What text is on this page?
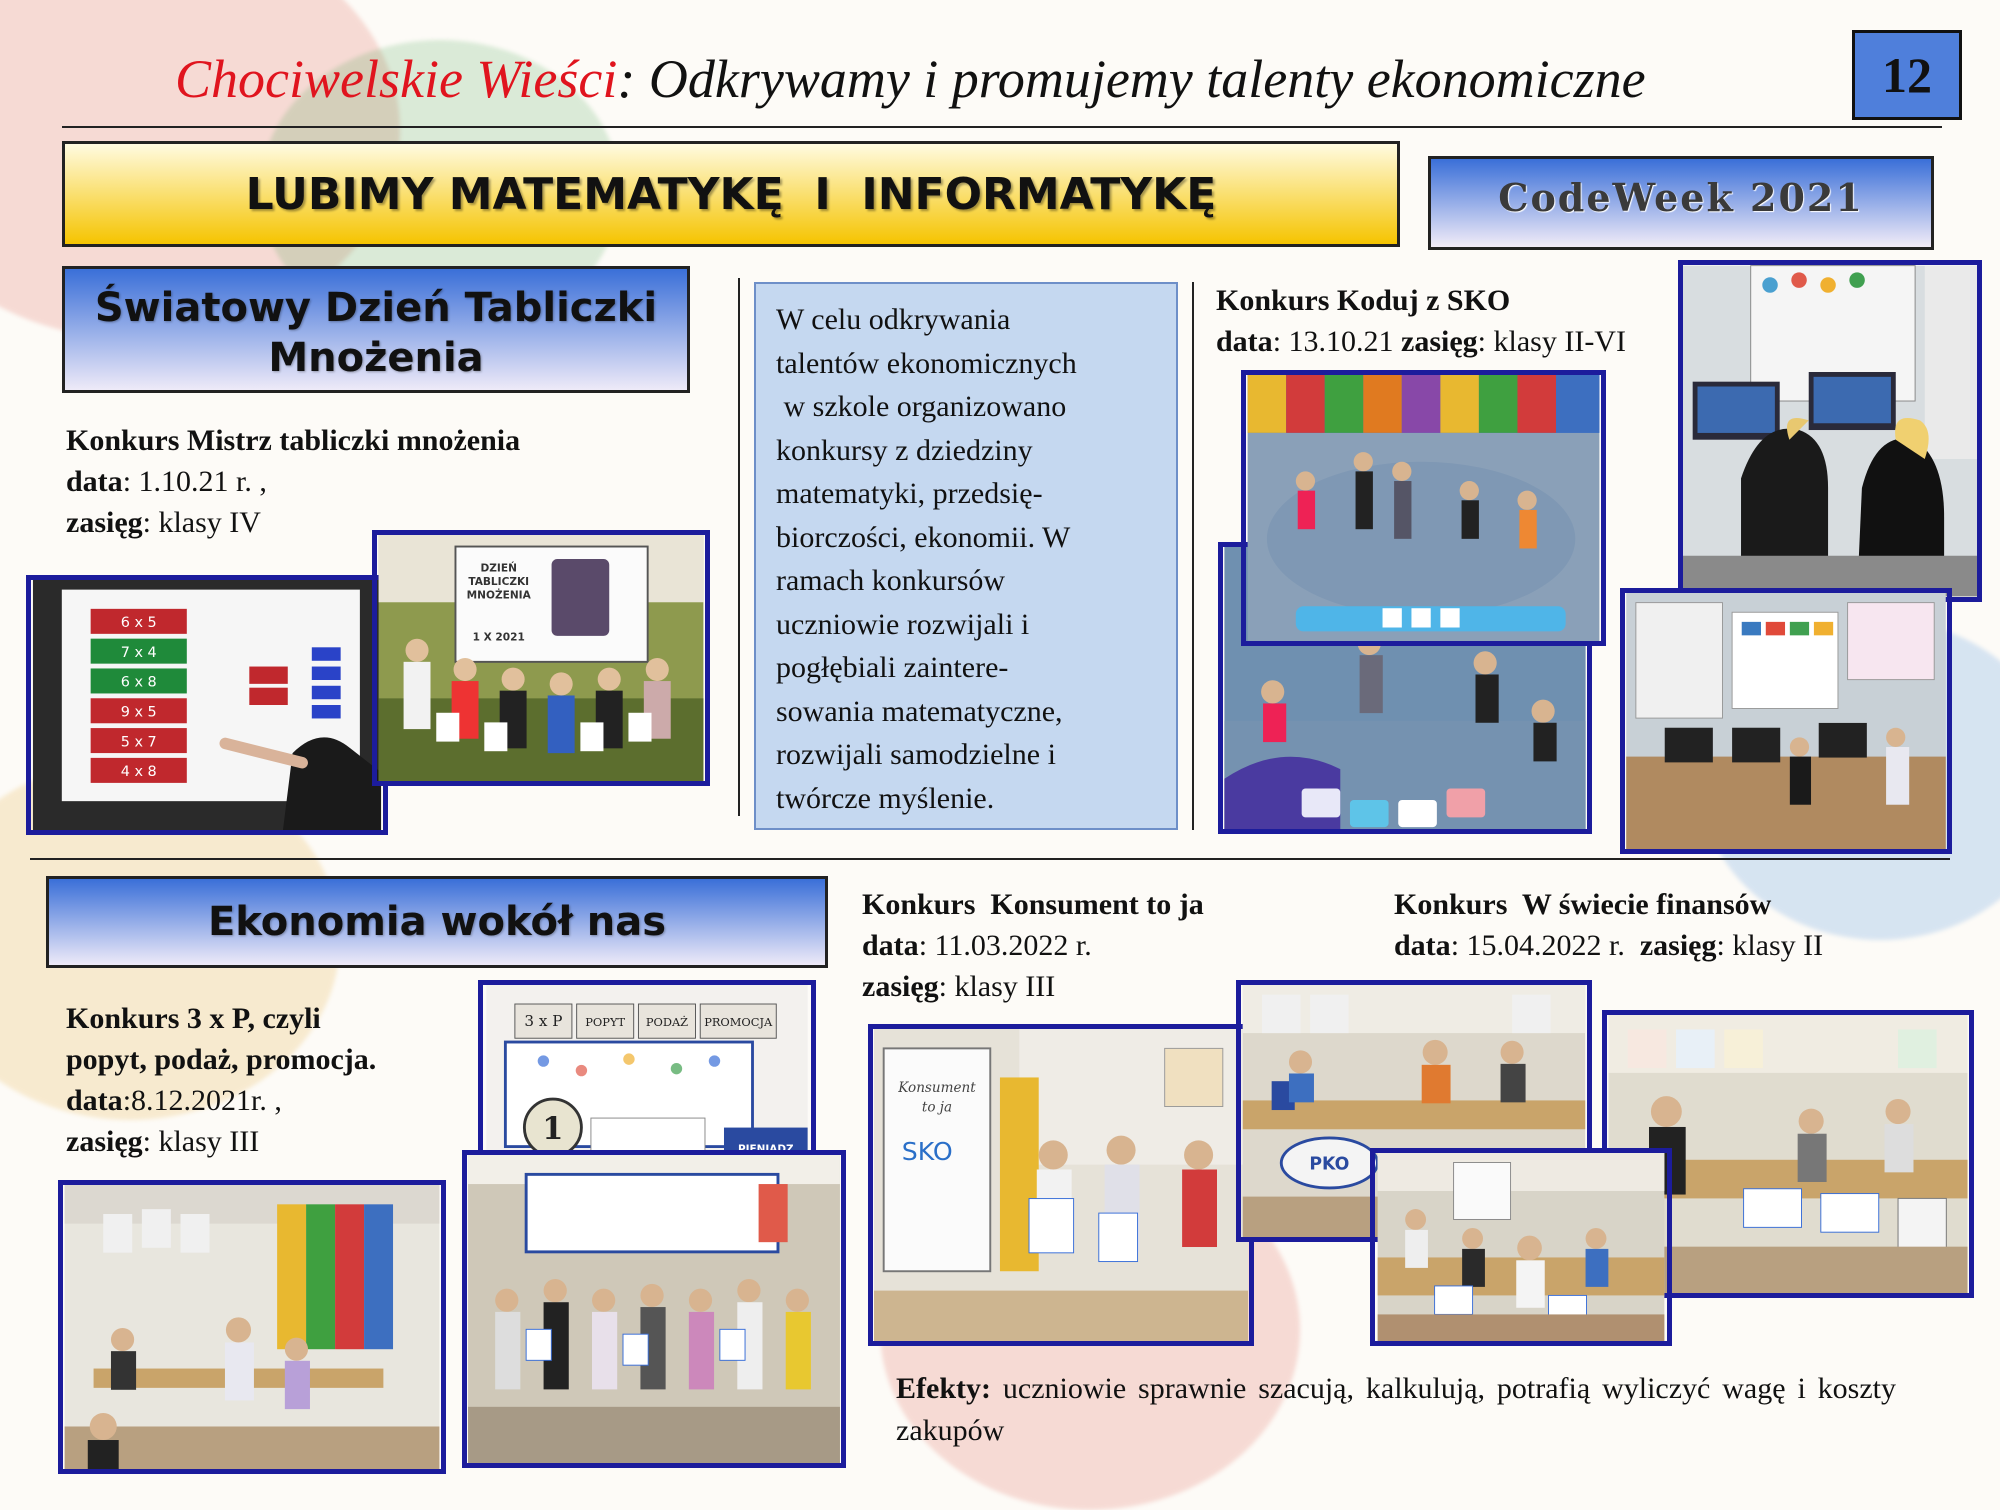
Chociwelskie Wieści: Odkrywamy i promujemy talenty ekonomiczne	12
LUBIMY MATEMATYKĘ  I  INFORMATYKĘ	CodeWeek 2021
Światowy Dzień Tabliczki
Mnożenia
Konkurs Mistrz tabliczki mnożenia
data: 1.10.21 r. ,
zasięg: klasy IV
6 x 5
7 x 4
6 x 8
9 x 5
5 x 7
4 x 8
DZIEŃ
TABLICZKI
MNOŻENIA
1 X 2021
W celu odkrywania
talentów ekonomicznych
w szkole organizowano
konkursy z dziedziny
matematyki, przedsię-
biorczości, ekonomii. W
ramach konkursów
uczniowie rozwijali i
pogłębiali zaintere-
sowania matematyczne,
rozwijali samodzielne i
twórcze myślenie.
Konkurs Koduj z SKO
data: 13.10.21 zasięg: klasy II-VI
Ekonomia wokół nas
Konkurs 3 x P, czyli
popyt, podaż, promocja.
data:8.12.2021r. ,
zasięg: klasy III
3 x P POPYT PODAŻ PROMOCJA
1
PIENIĄDZ
Konkurs  Konsument to ja
data: 11.03.2022 r.
zasięg: klasy III
Konkurs  W świecie finansów
data: 15.04.2022 r.  zasięg: klasy II
Konsument
to ja
SKO	PKO
Efekty: uczniowie sprawnie szacują, kalkulują, potrafią wyliczyć wagę i koszty zakupów
